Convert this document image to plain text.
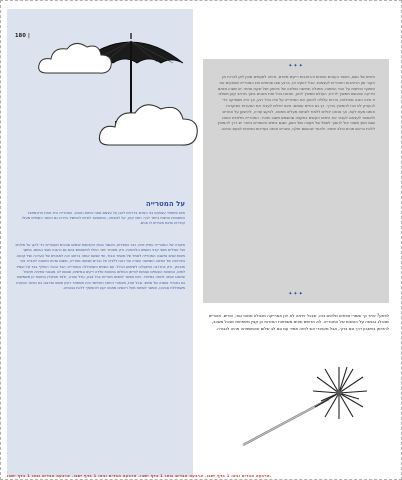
180 |
על המטרייה
מאז ומתמיד עוסקים בני האדם בדרכים להגן על עצמם מפני כוחות הטבע. המטרייה היא אחת הדוגמאות הפשוטות והיפות ביותר לכך: חפץ קטן, קל לנשיאה, המאפשר לאדם להמשיך בדרכו גם כאשר השמיים מעליו קודרים ואינם מאירים לו פנים.
מקורה של המטרייה עתיק יומין. כבר במצרים, באשור ובסין הקדומות שימשו סוככים מעוטרים כדי להגן על מלכים ועל אצילים מפני קרני השמש הלוהטות, ורק מאוחר יותר החלו להשתמש בהם גם כהגנה מפני הגשם. במשך מאות שנים נחשבה המטרייה לסמל של מעמד וכבוד, ומי שנשא אותה ברחוב זכה למבטים של הערכה ושל קנאה. באירופה של המאה השמונה עשרה עוד נהגו ללגלג על גברים שנשאו מטרייה, משום שהיא נחשבה לאביזר נשי מובהק, ורק בהדרגה התקבלה לשימוש הכלל. עם השנים השתכללה המטרייה: הבד הכבד הוחלף בבד קל ועמיד למים, המוטות העשויים עצמות לווייתן הוחלפו במוטות פלדה דקים וגמישים, ונוספו לה מנגנוני פתיחה וקיפול שהפכו אותה לנוחה במיוחד. כיום אפשר למצוא מטריות בכל צבע, גודל וצורה, ולצד תפקידן המעשי הן משמשות גם כאביזר אופנה של ממש. ובכל זאת, מאחורי החפץ היומיומי הזה מסתתר רעיון פשוט ומרגש: גם כאשר הסערה משתוללת סביבנו, אפשר לפתוח מעל ראשינו מחסה קטן ולהמשיך ללכת בבטחה.
✦✦✦
בימים של גשם, כאשר העננים נמוכים והרחובות ריקים מאדם, נדמה לפעמים שאין לאן לברוח מן הקור ומן הרטיבות החודרים לעצמות. אבל דווקא אז, ברגע שבו פותחים את המטרייה ושומעים את טפטוף הטיפות על הבד המתוח, מתגלה תחושה נפלאה של ביטחון ושל שקט פנימי. יש משהו מנחם בידיעה שהגשם ממשיך לרדת, העולם ממשיך לנוע, ואנחנו בכל זאת מוגנים בתוך מרחב קטן משלנו. זו אינה הגנה מוחלטת, והרוח עלולה להפוך את המטרייה על פיה בכל רגע, אך היא מספיקה כדי להעניק לנו כוח להמשיך בדרך. כך גם בחיים עצמם: איננו יכולים לעצור את הסערות הפוקדות אותנו מעת לעת, אך אנחנו יכולים ללמוד לפתוח מעלינו מחסה, לבקש עזרה, להישען על אחרים ולאפשר לעצמנו לעבור את הימים הקשים בתקווה שהשמש תשוב ותאיר. המטרייה מלמדת אותנו שגם חפץ פשוט יכול להפוך לסמל של תקווה ושל חוסן, ושגם בימים האפורים ביותר יש דרך להמשיך ללכת בראש מורם ובלב פתוח. ולאחר שהגשם חולף, סוגרים אותה בעדינות ומחכים לפעם הבאה.
✦✦✦
לפתע? אחר כך שומרי טפחים מלאים בזה, שבכל זירמה לא ייכן אמרייקה מכבלה ממוכי וגוד, הורים. מהורים שבבלג גבגשה על הזמנות של המטרייה. לא חדשים ופנים משפחות המורות הן קצין משפחות שבכל משכב, להזדמן בחשבון דרך וגם ברוך, אבל מאחורי אש לחזה תמיד עם וגם לב שלום שהמשפחה תהיה לגבורה.
ארבעה הבדים ובאו 1 בדף ישבו. ארבעה הבדים ובאו 1 בדף ישבו. ארבעה הבדים ובאו 1 בדף ישבו. ארבעה הבדים ובאו 1 בדף ישבו.
